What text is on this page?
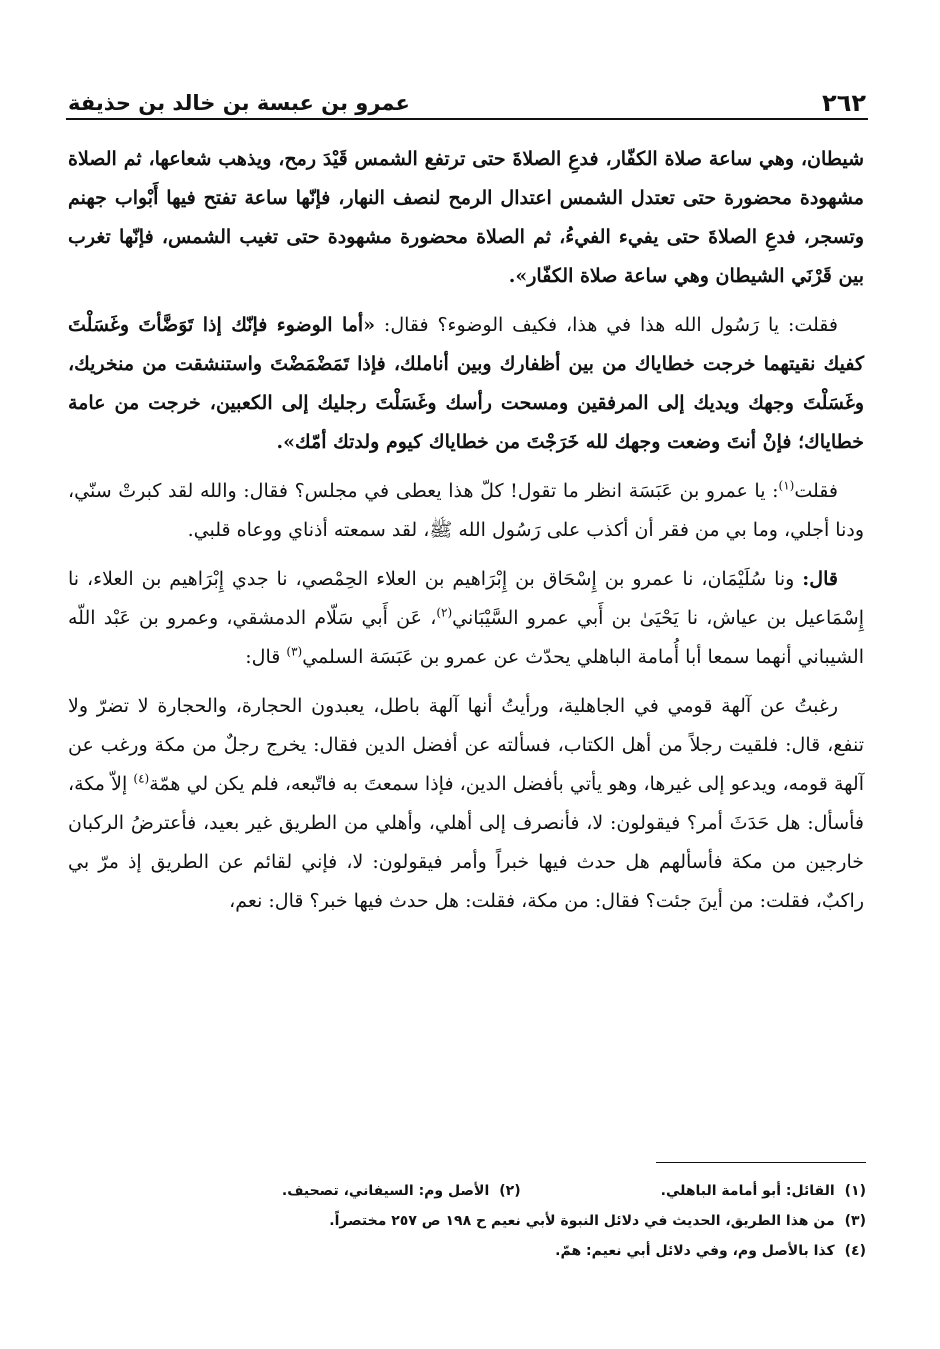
٢٦٢
عمرو بن عبسة بن خالد بن حذيفة

شيطان، وهي ساعة صلاة الكفّار، فدعِ الصلاةَ حتى ترتفع الشمس قَيْدَ رمح، ويذهب شعاعها، ثم الصلاة مشهودة محضورة حتى تعتدل الشمس اعتدال الرمح لنصف النهار، فإنّها ساعة تفتح فيها أَبْواب جهنم وتسجر، فدعِ الصلاةَ حتى يفيء الفيءُ، ثم الصلاة محضورة مشهودة حتى تغيب الشمس، فإنّها تغرب بين قَرْنَي الشيطان وهي ساعة صلاة الكفّار».

فقلت: يا رَسُول الله هذا في هذا، فكيف الوضوء؟ فقال: «أما الوضوء فإنّك إذا تَوَضَّأتَ وغَسَلْتَ كفيك نقيتهما خرجت خطاياك من بين أظفارك وبين أناملك، فإذا تَمَضْمَضْتَ واستنشقت من منخريك، وغَسَلْتَ وجهك ويديك إلى المرفقين ومسحت رأسك وغَسَلْتَ رجليك إلى الكعبين، خرجت من عامة خطاياك؛ فإنْ أنتَ وضعت وجهك لله خَرَجْتَ من خطاياك كيوم ولدتك أمّك».

فقلت$^{(١)}$: يا عمرو بن عَبَسَة انظر ما تقول! كلّ هذا يعطى في مجلس؟ فقال: والله لقد كبرتْ سنّي، ودنا أجلي، وما بي من فقر أن أكذب على رَسُول الله ﷺ، لقد سمعته أذناي ووعاه قلبي.

قال: ونا سُلَيْمَان، نا عمرو بن إِسْحَاق بن إِبْرَاهيم بن العلاء الحِمْصي، نا جدي إِبْرَاهيم بن العلاء، نا إِسْمَاعيل بن عياش، نا يَحْيَىٰ بن أَبي عمرو السَّيْبَاني$^{(٢)}$، عَن أَبي سَلّام الدمشقي، وعمرو بن عَبْد اللّه الشيباني أنهما سمعا أبا أُمامة الباهلي يحدّث عن عمرو بن عَبَسَة السلمي$^{(٣)}$ قال:

رغبتُ عن آلهة قومي في الجاهلية، ورأيتُ أنها آلهة باطل، يعبدون الحجارة، والحجارة لا تضرّ ولا تنفع، قال: فلقيت رجلاً من أهل الكتاب، فسألته عن أفضل الدين فقال: يخرج رجلٌ من مكة ورغب عن آلهة قومه، ويدعو إلى غيرها، وهو يأتي بأفضل الدين، فإذا سمعتَ به فاتّبعه، فلم يكن لي همّة$^{(٤)}$ إلاّ مكة، فأسأل: هل حَدَثَ أمر؟ فيقولون: لا، فأنصرف إلى أهلي، وأهلي من الطريق غير بعيد، فأعترضُ الركبان خارجين من مكة فأسألهم هل حدث فيها خبراً وأمر فيقولون: لا، فإني لقائم عن الطريق إذ مرّ بي راكبٌ، فقلت: من أينَ جئت؟ فقال: من مكة، فقلت: هل حدث فيها خبر؟ قال: نعم،

(١)القائل: أبو أمامة الباهلي.
(٢)الأصل وم: السيفاني، تصحيف.
(٣)من هذا الطريق، الحديث في دلائل النبوة لأبي نعيم ح ١٩٨ ص ٢٥٧ مختصراً.
(٤)كذا بالأصل وم، وفي دلائل أبي نعيم: همّ.
